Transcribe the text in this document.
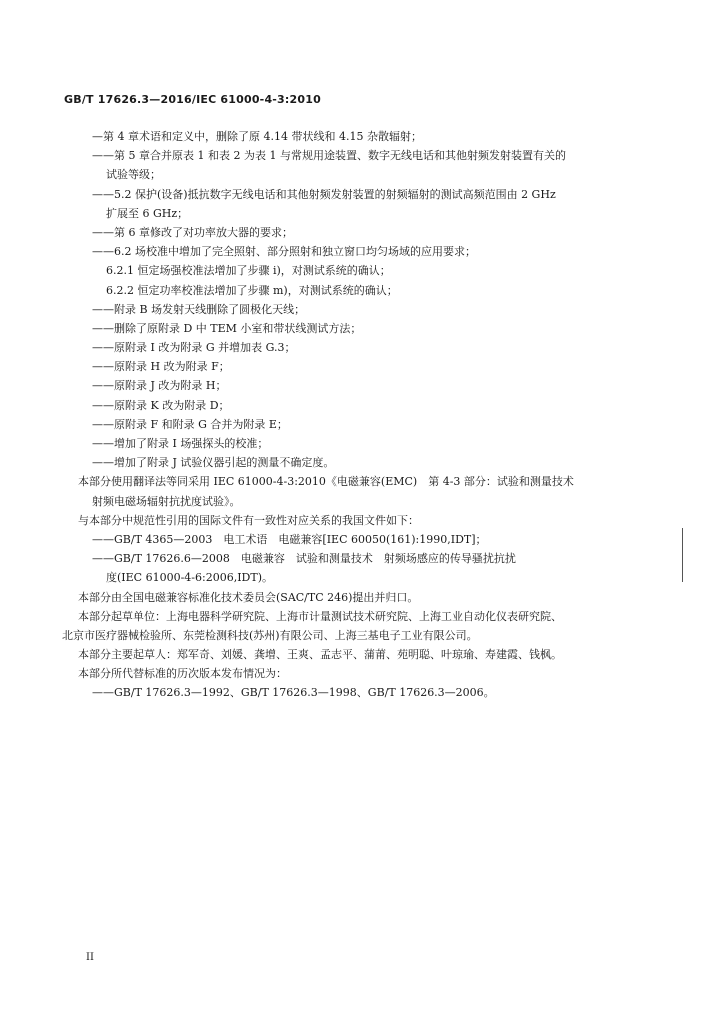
GB/T 17626.3—2016/IEC 61000-4-3:2010
—第 4 章术语和定义中，删除了原 4.14 带状线和 4.15 杂散辐射；
——第 5 章合并原表 1 和表 2 为表 1 与常规用途装置、数字无线电话和其他射频发射装置有关的
试验等级；
——5.2 保护(设备)抵抗数字无线电话和其他射频发射装置的射频辐射的测试高频范围由 2 GHz
扩展至 6 GHz；
——第 6 章修改了对功率放大器的要求；
——6.2 场校准中增加了完全照射、部分照射和独立窗口均匀场域的应用要求；
6.2.1 恒定场强校准法增加了步骤 i)，对测试系统的确认；
6.2.2 恒定功率校准法增加了步骤 m)，对测试系统的确认；
——附录 B 场发射天线删除了圆极化天线；
——删除了原附录 D 中 TEM 小室和带状线测试方法；
——原附录 I 改为附录 G 并增加表 G.3；
——原附录 H 改为附录 F；
——原附录 J 改为附录 H；
——原附录 K 改为附录 D；
——原附录 F 和附录 G 合并为附录 E；
——增加了附录 I 场强探头的校准；
——增加了附录 J 试验仪器引起的测量不确定度。
本部分使用翻译法等同采用 IEC 61000-4-3:2010《电磁兼容(EMC)　第 4-3 部分：试验和测量技术
射频电磁场辐射抗扰度试验》。
与本部分中规范性引用的国际文件有一致性对应关系的我国文件如下：
——GB/T 4365—2003　电工术语　电磁兼容[IEC 60050(161):1990,IDT]；
——GB/T 17626.6—2008　电磁兼容　试验和测量技术　射频场感应的传导骚扰抗扰
度(IEC 61000-4-6:2006,IDT)。
本部分由全国电磁兼容标准化技术委员会(SAC/TC 246)提出并归口。
本部分起草单位：上海电器科学研究院、上海市计量测试技术研究院、上海工业自动化仪表研究院、
北京市医疗器械检验所、东莞检测科技(苏州)有限公司、上海三基电子工业有限公司。
本部分主要起草人：郑军奇、刘媛、龚增、王爽、孟志平、蒲莆、苑明聪、叶琼瑜、寿建霞、钱枫。
本部分所代替标准的历次版本发布情况为：
——GB/T 17626.3—1992、GB/T 17626.3—1998、GB/T 17626.3—2006。
II
